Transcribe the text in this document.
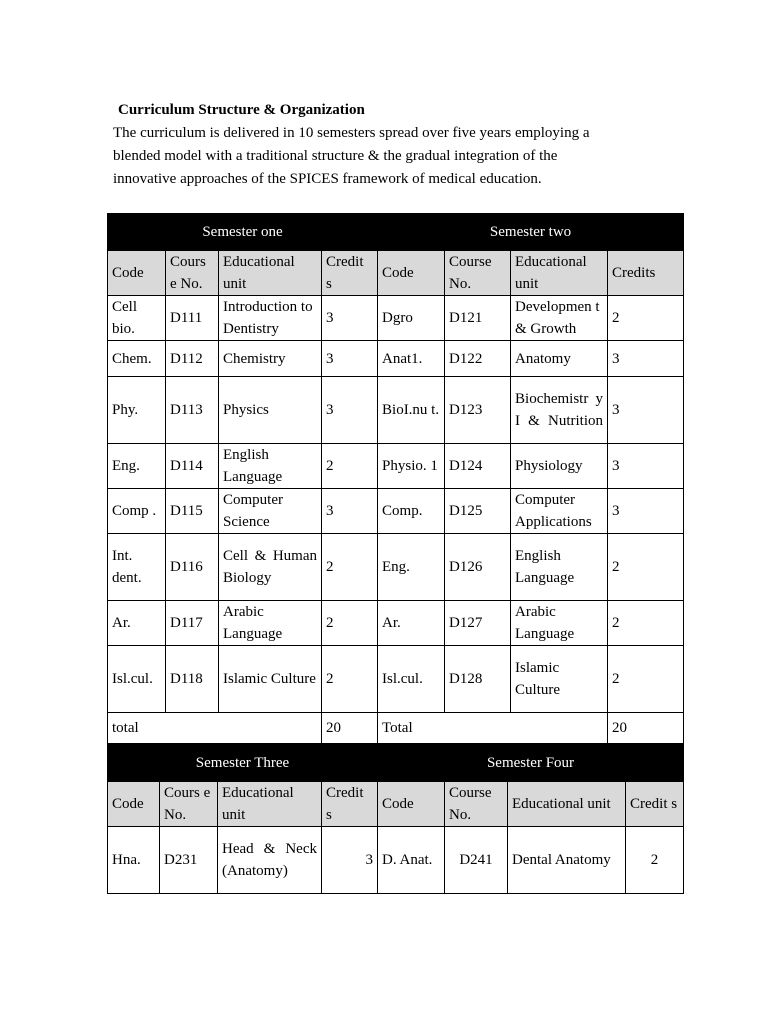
Curriculum Structure & Organization
The curriculum is delivered in 10 semesters spread over five years employing a
blended model with a traditional structure & the gradual integration of the
innovative approaches of the SPICES framework of medical education.
Semester one				Semester two			
Code	Cours e No.	Educational unit	Credit s	Code	Course No.	Educational unit	Credits
Cell bio.	D111	Introduction to Dentistry	3	Dgro	D121	Developmen t & Growth	2
Chem.	D112	Chemistry	3	Anat1.	D122	Anatomy	3
Phy.	D113	Physics	3	BioI.nu t.	D123	Biochemistr y I & Nutrition	3
Eng.	D114	English Language	2	Physio. 1	D124	Physiology	3
Comp .	D115	Computer Science	3	Comp.	D125	Computer Applications	3
Int. dent.	D116	Cell & Human Biology	2	Eng.	D126	English Language	2
Ar.	D117	Arabic Language	2	Ar.	D127	Arabic Language	2
Isl.cul.	D118	Islamic Culture	2	Isl.cul.	D128	Islamic Culture	2
total			20	Total			20
Semester Three				Semester Four			
Code	Cours e No.	Educational unit	Credit s	Code	Course No.	Educational unit	Credit s
Hna.	D231	Head & Neck (Anatomy)	3	D. Anat.	D241	Dental Anatomy	2
